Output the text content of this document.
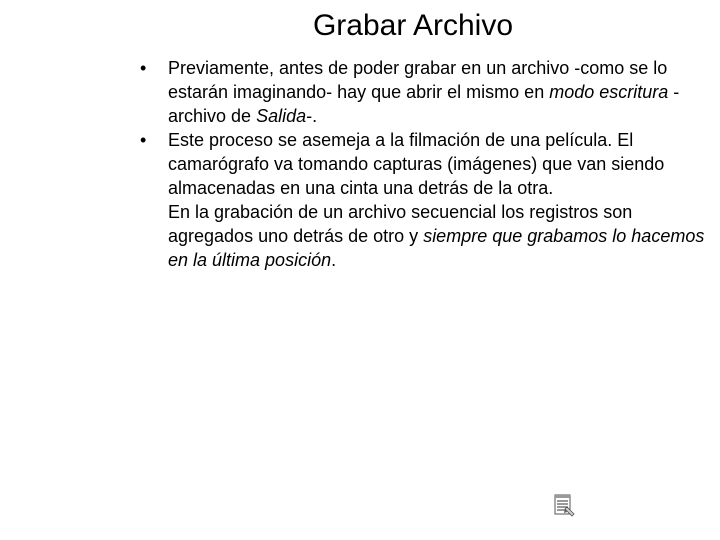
Grabar Archivo
• Previamente, antes de poder grabar en un archivo -como se lo estarán imaginando- hay que abrir el mismo en modo escritura -archivo de Salida-.
• Este proceso se asemeja a la filmación de una película. El camarógrafo va tomando capturas (imágenes) que van siendo almacenadas en una cinta una detrás de la otra.
En la grabación de un archivo secuencial los registros son agregados uno detrás de otro y siempre que grabamos lo hacemos en la última posición.
